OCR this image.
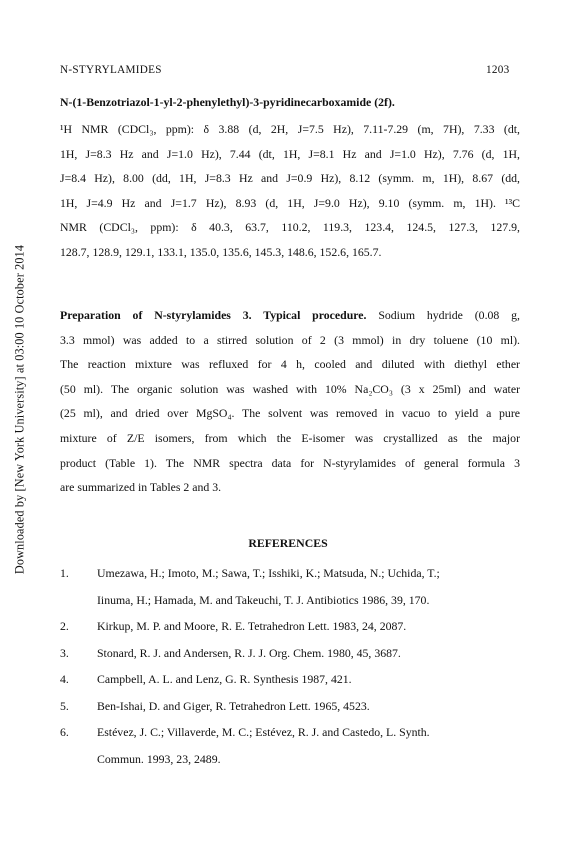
Downloaded by [New York University] at 03:00 10 October 2014
N-STYRYLAMIDES	1203
N-(1-Benzotriazol-1-yl-2-phenylethyl)-3-pyridinecarboxamide (2f).
¹H NMR (CDCl₃, ppm): δ 3.88 (d, 2H, J=7.5 Hz), 7.11-7.29 (m, 7H), 7.33 (dt,
1H, J=8.3 Hz and J=1.0 Hz), 7.44 (dt, 1H, J=8.1 Hz and J=1.0 Hz), 7.76 (d, 1H,
J=8.4 Hz), 8.00 (dd, 1H, J=8.3 Hz and J=0.9 Hz), 8.12 (symm. m, 1H), 8.67 (dd,
1H, J=4.9 Hz and J=1.7 Hz), 8.93 (d, 1H, J=9.0 Hz), 9.10 (symm. m, 1H). ¹³C
NMR (CDCl₃, ppm): δ 40.3, 63.7, 110.2, 119.3, 123.4, 124.5, 127.3, 127.9,
128.7, 128.9, 129.1, 133.1, 135.0, 135.6, 145.3, 148.6, 152.6, 165.7.
Preparation of N-styrylamides 3. Typical procedure. Sodium hydride (0.08 g,
3.3 mmol) was added to a stirred solution of 2 (3 mmol) in dry toluene (10 ml).
The reaction mixture was refluxed for 4 h, cooled and diluted with diethyl ether
(50 ml). The organic solution was washed with 10% Na₂CO₃ (3 x 25ml) and water
(25 ml), and dried over MgSO₄. The solvent was removed in vacuo to yield a pure
mixture of Z/E isomers, from which the E-isomer was crystallized as the major
product (Table 1). The NMR spectra data for N-styrylamides of general formula 3
are summarized in Tables 2 and 3.
REFERENCES
1.	Umezawa, H.; Imoto, M.; Sawa, T.; Isshiki, K.; Matsuda, N.; Uchida, T.;
Iinuma, H.; Hamada, M. and Takeuchi, T. J. Antibiotics 1986, 39, 170.
2.	Kirkup, M. P. and Moore, R. E. Tetrahedron Lett. 1983, 24, 2087.
3.	Stonard, R. J. and Andersen, R. J. J. Org. Chem. 1980, 45, 3687.
4.	Campbell, A. L. and Lenz, G. R. Synthesis 1987, 421.
5.	Ben-Ishai, D. and Giger, R. Tetrahedron Lett. 1965, 4523.
6.	Estévez, J. C.; Villaverde, M. C.; Estévez, R. J. and Castedo, L. Synth.
Commun. 1993, 23, 2489.
